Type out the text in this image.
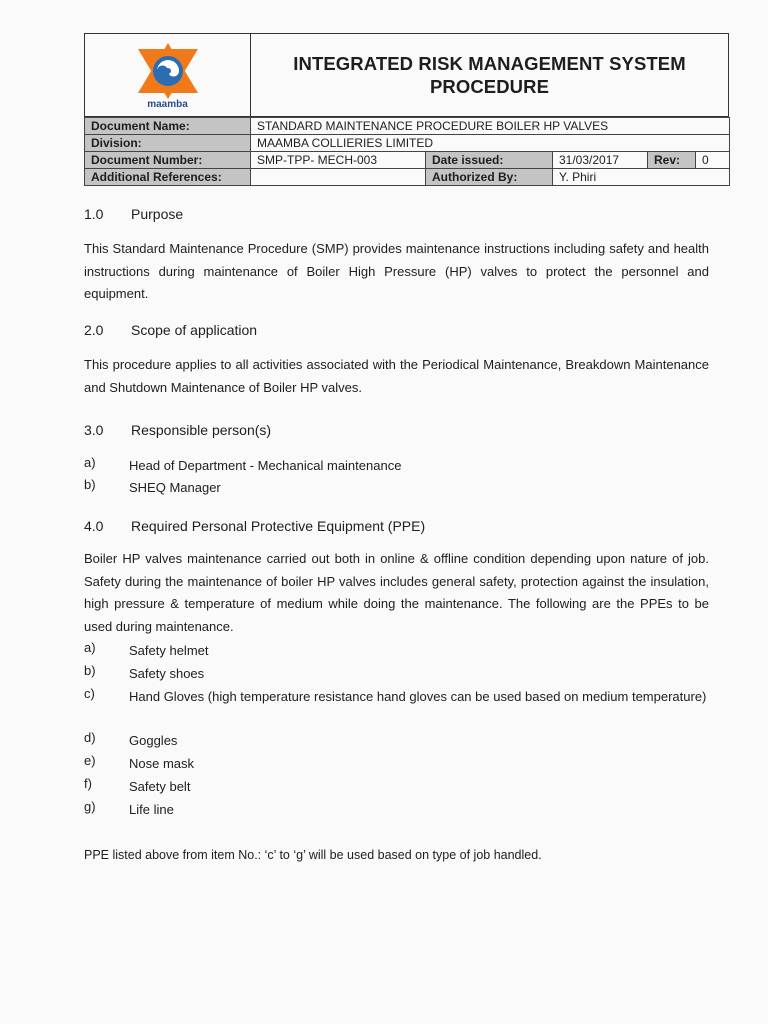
maamba
INTEGRATED RISK MANAGEMENT SYSTEM
PROCEDURE
Document Name:	STANDARD MAINTENANCE PROCEDURE BOILER HP VALVES				
Division:	MAAMBA COLLIERIES LIMITED				
Document Number:	SMP-TPP- MECH-003	Date issued:	31/03/2017	Rev:	0
Additional References:		Authorized By:	Y. Phiri		
1.0 Purpose
This Standard Maintenance Procedure (SMP) provides maintenance instructions including safety and health instructions during maintenance of Boiler High Pressure (HP) valves to protect the personnel and equipment.
2.0 Scope of application
This procedure applies to all activities associated with the Periodical Maintenance, Breakdown Maintenance and Shutdown Maintenance of Boiler HP valves.
3.0 Responsible person(s)
a)	Head of Department - Mechanical maintenance
b)	SHEQ Manager
4.0 Required Personal Protective Equipment (PPE)
Boiler HP valves maintenance carried out both in online & offline condition depending upon nature of job. Safety during the maintenance of boiler HP valves includes general safety, protection against the insulation, high pressure & temperature of medium while doing the maintenance. The following are the PPEs to be used during maintenance.
a)	Safety helmet
b)	Safety shoes
c)	Hand Gloves (high temperature resistance hand gloves can be used based on medium temperature)
d)	Goggles
e)	Nose mask
f)	Safety belt
g)	Life line
PPE listed above from item No.: ‘c’ to ‘g’ will be used based on type of job handled.
